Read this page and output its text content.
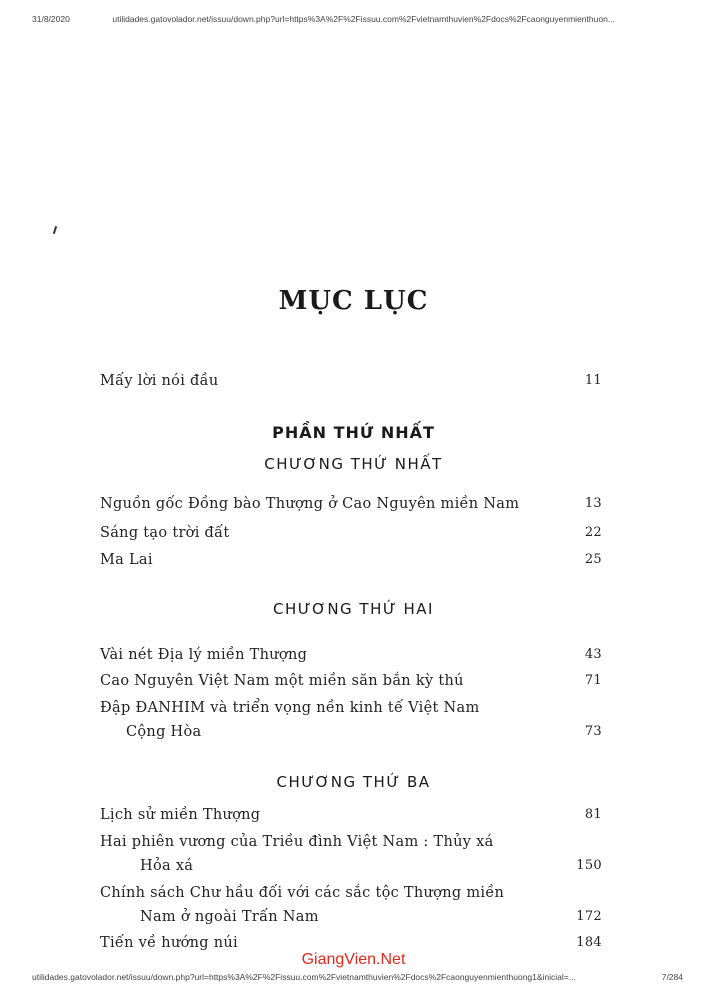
31/8/2020	utilidades.gatovolador.net/issuu/down.php?url=https%3A%2F%2Fissuu.com%2Fvietnamthuvien%2Fdocs%2Fcaonguyenmienthuon...
MỤC LỤC
Mấy lời nói đầu	11
PHẦN THỨ NHẤT
CHƯƠNG THỨ NHẤT
Nguồn gốc Đồng bào Thượng ở Cao Nguyên miền Nam	13
Sáng tạo trời đất	22
Ma Lai	25
CHƯƠNG THỨ HAI
Vài nét Địa lý miền Thượng	43
Cao Nguyên Việt Nam một miền săn bắn kỳ thú	71
Đập ĐANHIM và triển vọng nền kinh tế Việt Nam
Cộng Hòa	73
CHƯƠNG THỨ BA
Lịch sử miền Thượng	81
Hai phiên vương của Triều đình Việt Nam : Thủy xá
Hỏa xá	150
Chính sách Chư hầu đối với các sắc tộc Thượng miền
Nam ở ngoài Trấn Nam	172
Tiến về hướng núi	184
GiangVien.Net
utilidades.gatovolador.net/issuu/down.php?url=https%3A%2F%2Fissuu.com%2Fvietnamthuvien%2Fdocs%2Fcaonguyenmienthuong1&inicial=...	7/284
